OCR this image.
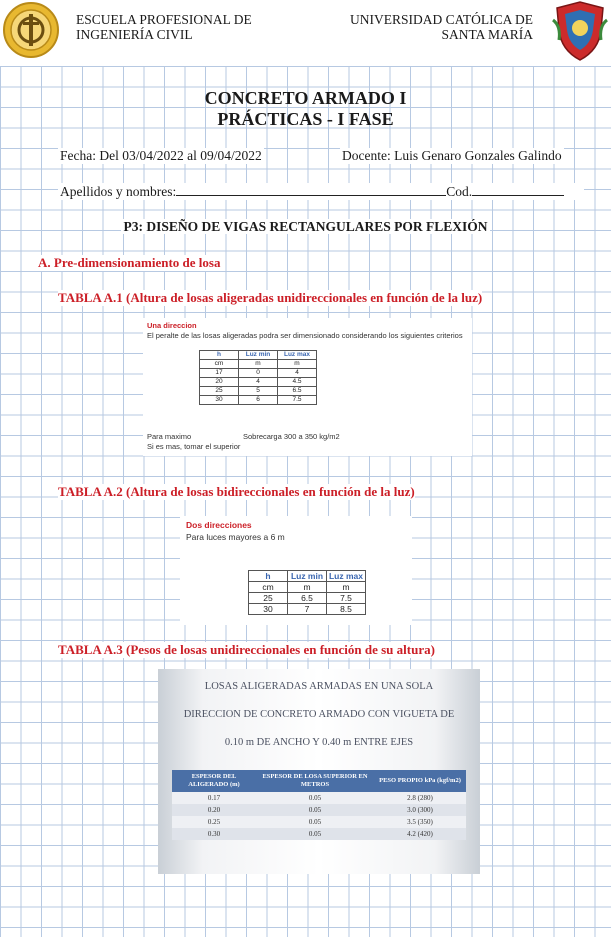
ESCUELA PROFESIONAL DE
INGENIERÍA CIVIL
UNIVERSIDAD CATÓLICA DE
SANTA MARÍA
CONCRETO ARMADO I
PRÁCTICAS - I FASE
Fecha: Del 03/04/2022 al 09/04/2022	Docente: Luis Genaro Gonzales Galindo
Apellidos y nombres:	Cod.
P3: DISEÑO DE VIGAS RECTANGULARES POR FLEXIÓN
A. Pre-dimensionamiento de losa
TABLA A.1 (Altura de losas aligeradas unidireccionales en función de la luz)
Una direccion
El peralte de las losas aligeradas podra ser dimensionado considerando los siguientes criterios
h	Luz min	Luz max
cm	m	m
17	0	4
20	4	4.5
25	5	6.5
30	6	7.5
Para maximo	Sobrecarga 300 a 350 kg/m2
Si es mas, tomar el superior
TABLA A.2 (Altura de losas bidireccionales en función de la luz)
Dos direcciones
Para luces mayores a 6 m
h	Luz min	Luz max
cm	m	m
25	6.5	7.5
30	7	8.5
TABLA A.3 (Pesos de losas unidireccionales en función de su altura)
LOSAS ALIGERADAS ARMADAS EN UNA SOLA
DIRECCION DE CONCRETO ARMADO CON VIGUETA DE
0.10 m DE ANCHO Y 0.40 m ENTRE EJES
ESPESOR DEL ALIGERADO (m)	ESPESOR DE LOSA SUPERIOR EN METROS	PESO PROPIO kPa (kgf/m2)
0.17	0.05	2.8 (280)
0.20	0.05	3.0 (300)
0.25	0.05	3.5 (350)
0.30	0.05	4.2 (420)
